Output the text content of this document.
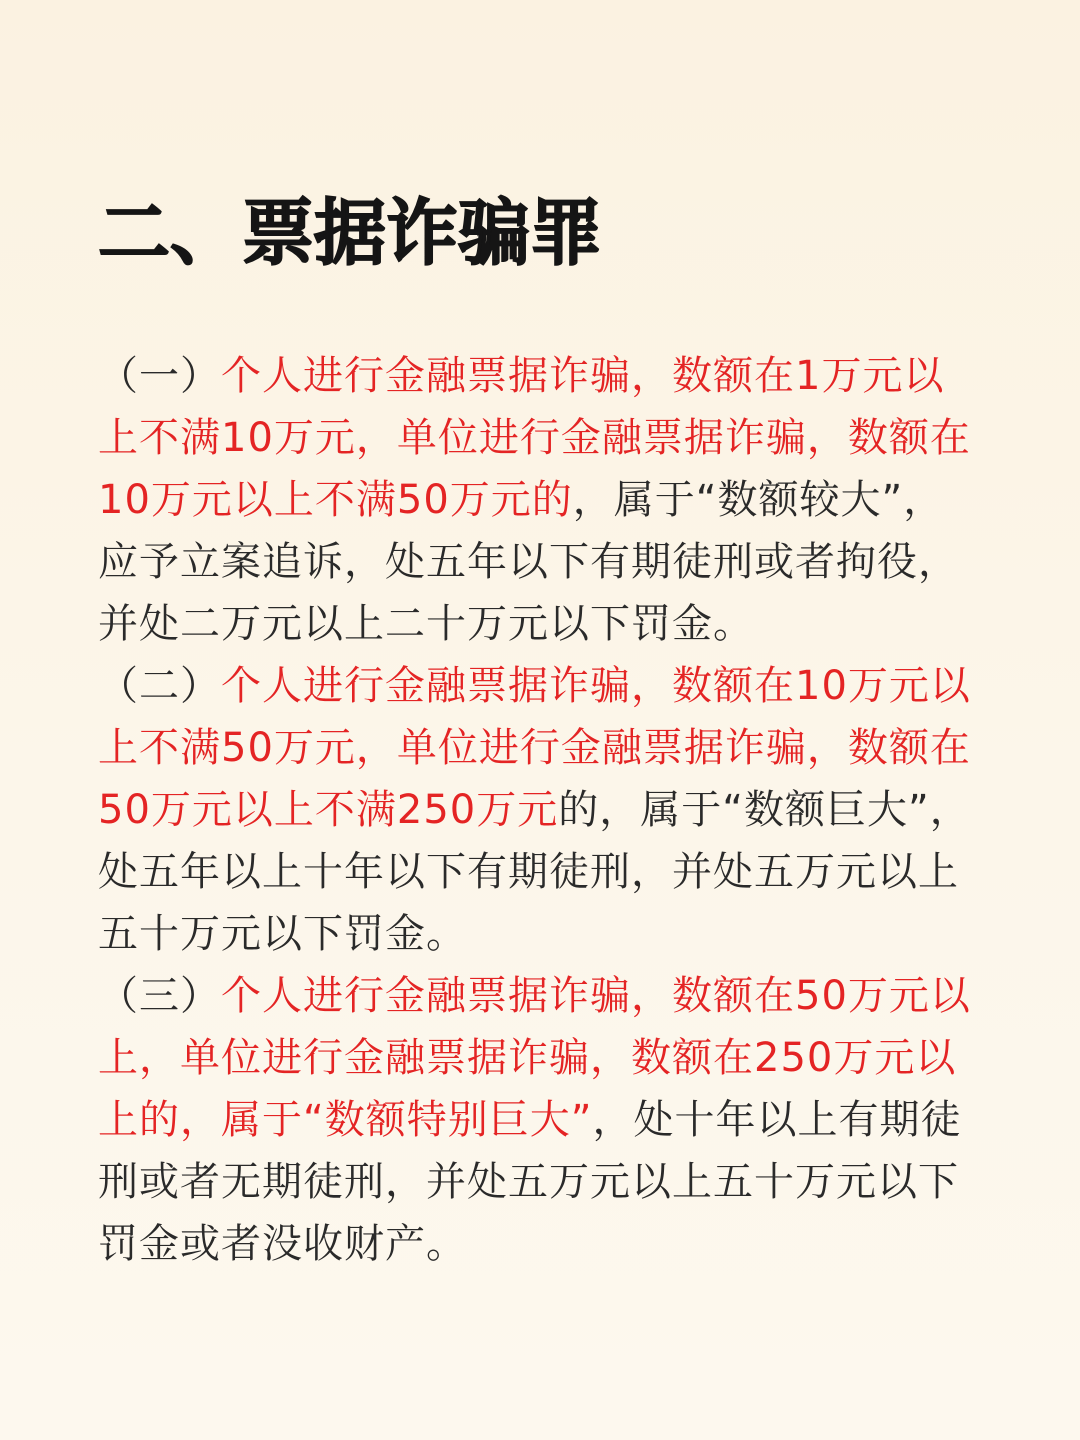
二、票据诈骗罪

（一）个人进行金融票据诈骗，数额在1万元以上不满10万元，单位进行金融票据诈骗，数额在10万元以上不满50万元的，属于“数额较大”，应予立案追诉，处五年以下有期徒刑或者拘役，并处二万元以上二十万元以下罚金。

（二）个人进行金融票据诈骗，数额在10万元以上不满50万元，单位进行金融票据诈骗，数额在50万元以上不满250万元的，属于“数额巨大”，处五年以上十年以下有期徒刑，并处五万元以上五十万元以下罚金。

（三）个人进行金融票据诈骗，数额在50万元以上，单位进行金融票据诈骗，数额在250万元以上的，属于“数额特别巨大”，处十年以上有期徒刑或者无期徒刑，并处五万元以上五十万元以下罚金或者没收财产。
